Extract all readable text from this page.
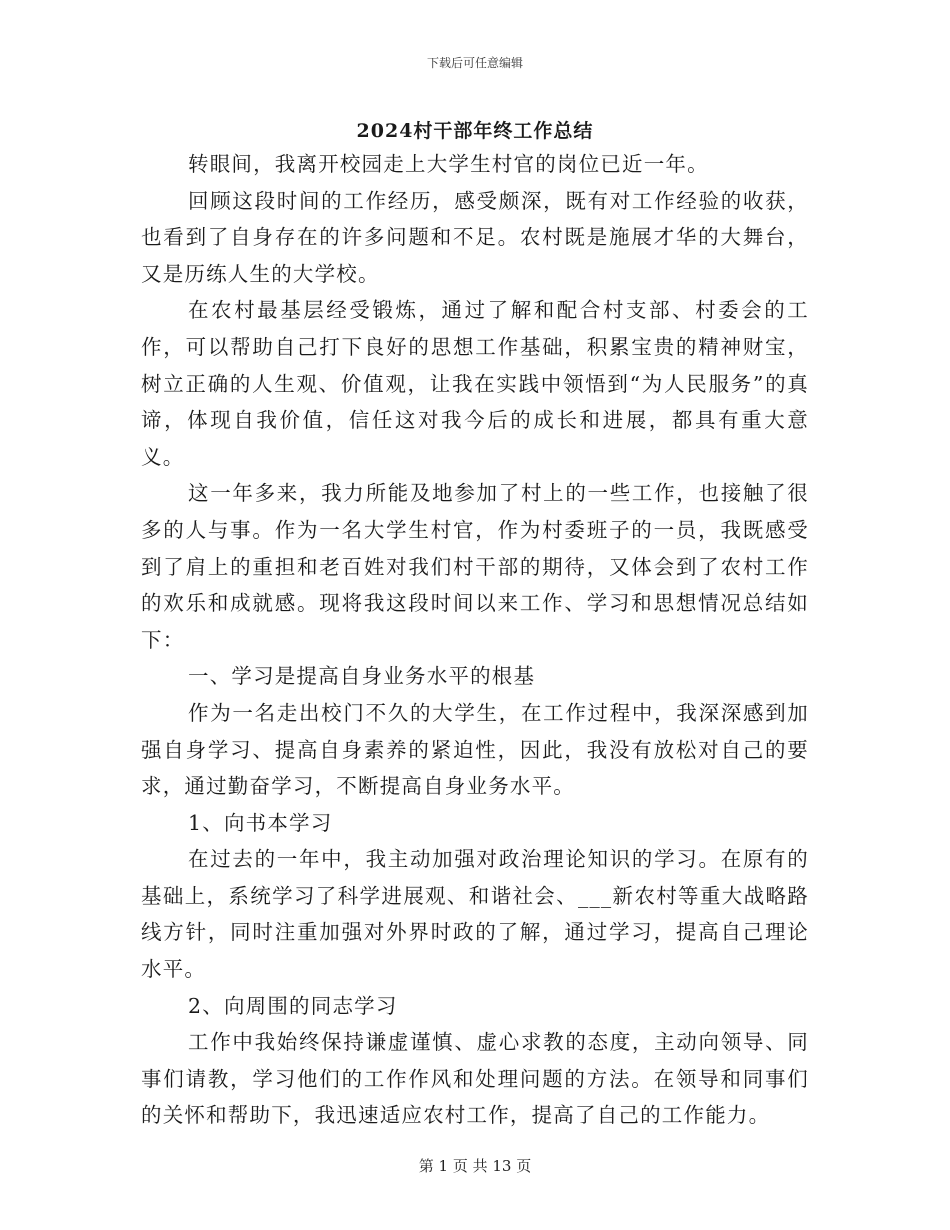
下载后可任意编辑
2024村干部年终工作总结

转眼间，我离开校园走上大学生村官的岗位已近一年。

回顾这段时间的工作经历，感受颇深，既有对工作经验的收获，也看到了自身存在的许多问题和不足。农村既是施展才华的大舞台，又是历练人生的大学校。

在农村最基层经受锻炼，通过了解和配合村支部、村委会的工作，可以帮助自己打下良好的思想工作基础，积累宝贵的精神财宝，树立正确的人生观、价值观，让我在实践中领悟到“为人民服务”的真谛，体现自我价值，信任这对我今后的成长和进展，都具有重大意义。

这一年多来，我力所能及地参加了村上的一些工作，也接触了很多的人与事。作为一名大学生村官，作为村委班子的一员，我既感受到了肩上的重担和老百姓对我们村干部的期待，又体会到了农村工作的欢乐和成就感。现将我这段时间以来工作、学习和思想情况总结如下：

一、学习是提高自身业务水平的根基

作为一名走出校门不久的大学生，在工作过程中，我深深感到加强自身学习、提高自身素养的紧迫性，因此，我没有放松对自己的要求，通过勤奋学习，不断提高自身业务水平。

1、向书本学习

在过去的一年中，我主动加强对政治理论知识的学习。在原有的基础上，系统学习了科学进展观、和谐社会、___新农村等重大战略路线方针，同时注重加强对外界时政的了解，通过学习，提高自己理论水平。

2、向周围的同志学习

工作中我始终保持谦虚谨慎、虚心求教的态度，主动向领导、同事们请教，学习他们的工作作风和处理问题的方法。在领导和同事们的关怀和帮助下，我迅速适应农村工作，提高了自己的工作能力。

第 1 页 共 13 页
